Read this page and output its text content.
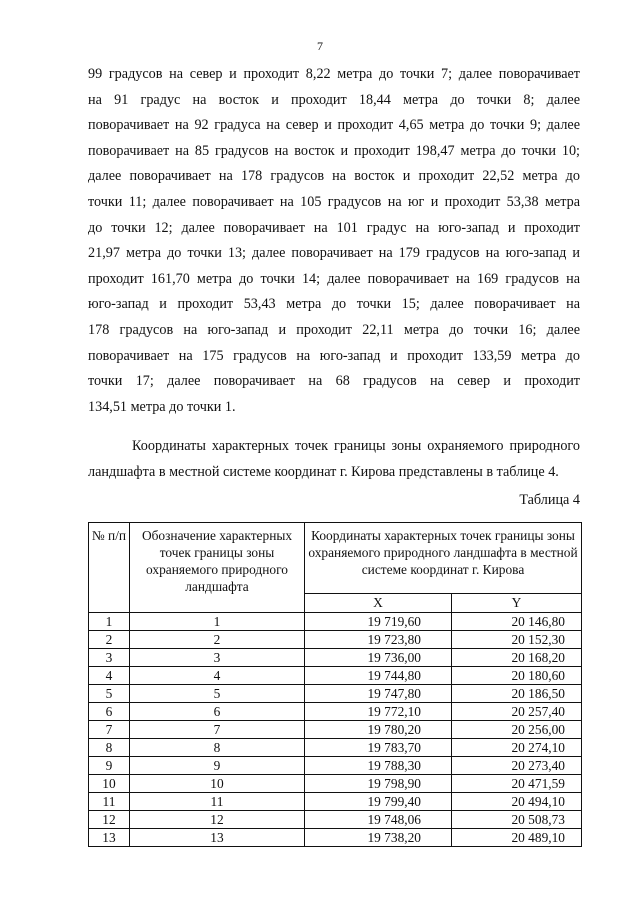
7
99 градусов на север и проходит 8,22 метра до точки 7; далее поворачивает
на 91 градус на восток и проходит 18,44 метра до точки 8; далее
поворачивает на 92 градуса на север и проходит 4,65 метра до точки 9; далее
поворачивает на 85 градусов на восток и проходит 198,47 метра до точки 10;
далее поворачивает на 178 градусов на восток и проходит 22,52 метра до
точки 11; далее поворачивает на 105 градусов на юг и проходит 53,38 метра
до точки 12; далее поворачивает на 101 градус на юго-запад и проходит
21,97 метра до точки 13; далее поворачивает на 179 градусов на юго-запад и
проходит 161,70 метра до точки 14; далее поворачивает на 169 градусов на
юго-запад и проходит 53,43 метра до точки 15; далее поворачивает на
178 градусов на юго-запад и проходит 22,11 метра до точки 16; далее
поворачивает на 175 градусов на юго-запад и проходит 133,59 метра до
точки 17; далее поворачивает на 68 градусов на север и проходит
134,51 метра до точки 1.
Координаты характерных точек границы зоны охраняемого природного
ландшафта в местной системе координат г. Кирова представлены в таблице 4.
Таблица 4
№ п/п	Обозначение характерных точек границы зоны охраняемого природного ландшафта	Координаты характерных точек границы зоны охраняемого природного ландшафта в местной системе координат г. Кирова	
		X	Y
1	1	19 719,60	20 146,80
2	2	19 723,80	20 152,30
3	3	19 736,00	20 168,20
4	4	19 744,80	20 180,60
5	5	19 747,80	20 186,50
6	6	19 772,10	20 257,40
7	7	19 780,20	20 256,00
8	8	19 783,70	20 274,10
9	9	19 788,30	20 273,40
10	10	19 798,90	20 471,59
11	11	19 799,40	20 494,10
12	12	19 748,06	20 508,73
13	13	19 738,20	20 489,10
